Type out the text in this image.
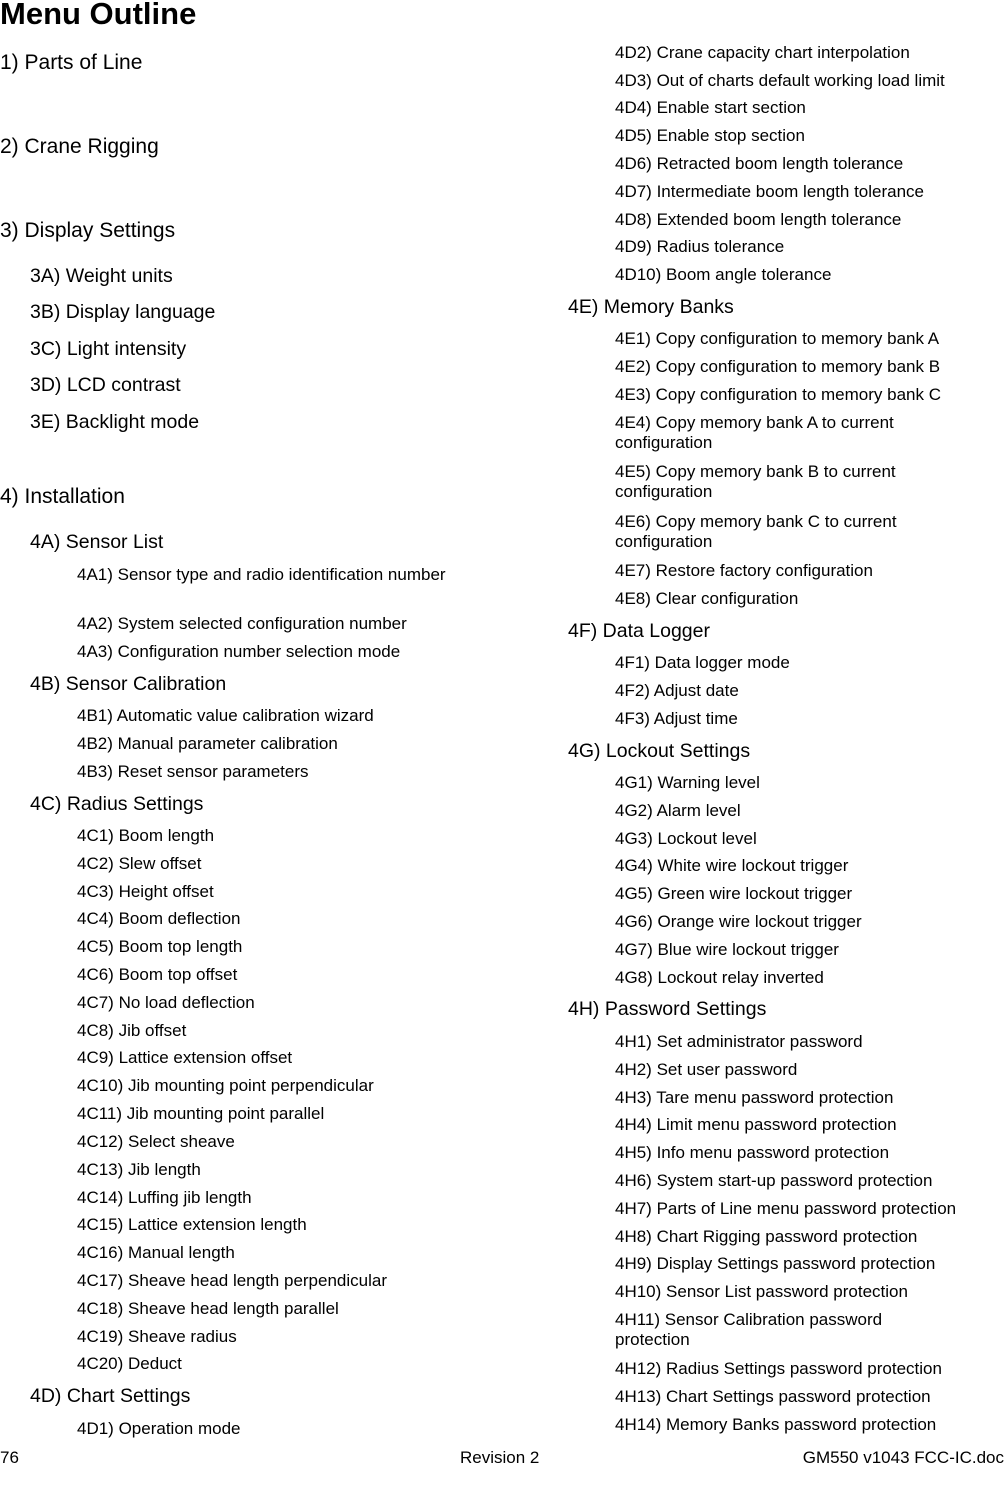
Menu Outline
1) Parts of Line
2) Crane Rigging
3) Display Settings
3A) Weight units
3B) Display language
3C) Light intensity
3D) LCD contrast
3E) Backlight mode
4) Installation
4A) Sensor List
4A1) Sensor type and radio identification number
4A2) System selected configuration number
4A3) Configuration number selection mode
4B) Sensor Calibration
4B1) Automatic value calibration wizard
4B2) Manual parameter calibration
4B3) Reset sensor parameters
4C) Radius Settings
4C1) Boom length
4C2) Slew offset
4C3) Height offset
4C4) Boom deflection
4C5) Boom top length
4C6) Boom top offset
4C7) No load deflection
4C8) Jib offset
4C9) Lattice extension offset
4C10) Jib mounting point perpendicular
4C11) Jib mounting point parallel
4C12) Select sheave
4C13) Jib length
4C14) Luffing jib length
4C15) Lattice extension length
4C16) Manual length
4C17) Sheave head length perpendicular
4C18) Sheave head length parallel
4C19) Sheave radius
4C20) Deduct
4D) Chart Settings
4D1) Operation mode
4D2) Crane capacity chart interpolation
4D3) Out of charts default working load limit
4D4) Enable start section
4D5) Enable stop section
4D6) Retracted boom length tolerance
4D7) Intermediate boom length tolerance
4D8) Extended boom length tolerance
4D9) Radius tolerance
4D10) Boom angle tolerance
4E) Memory Banks
4E1) Copy configuration to memory bank A
4E2) Copy configuration to memory bank B
4E3) Copy configuration to memory bank C
4E4) Copy memory bank A to current configuration
4E5) Copy memory bank B to current configuration
4E6) Copy memory bank C to current configuration
4E7) Restore factory configuration
4E8) Clear configuration
4F) Data Logger
4F1) Data logger mode
4F2) Adjust date
4F3) Adjust time
4G) Lockout Settings
4G1) Warning level
4G2) Alarm level
4G3) Lockout level
4G4) White wire lockout trigger
4G5) Green wire lockout trigger
4G6) Orange wire lockout trigger
4G7) Blue wire lockout trigger
4G8) Lockout relay inverted
4H) Password Settings
4H1) Set administrator password
4H2) Set user password
4H3) Tare menu password protection
4H4) Limit menu password protection
4H5) Info menu password protection
4H6) System start-up password protection
4H7) Parts of Line menu password protection
4H8) Chart Rigging password protection
4H9) Display Settings password protection
4H10) Sensor List password protection
4H11) Sensor Calibration password protection
4H12) Radius Settings password protection
4H13) Chart Settings password protection
4H14) Memory Banks password protection
76	Revision 2	GM550 v1043 FCC-IC.doc
